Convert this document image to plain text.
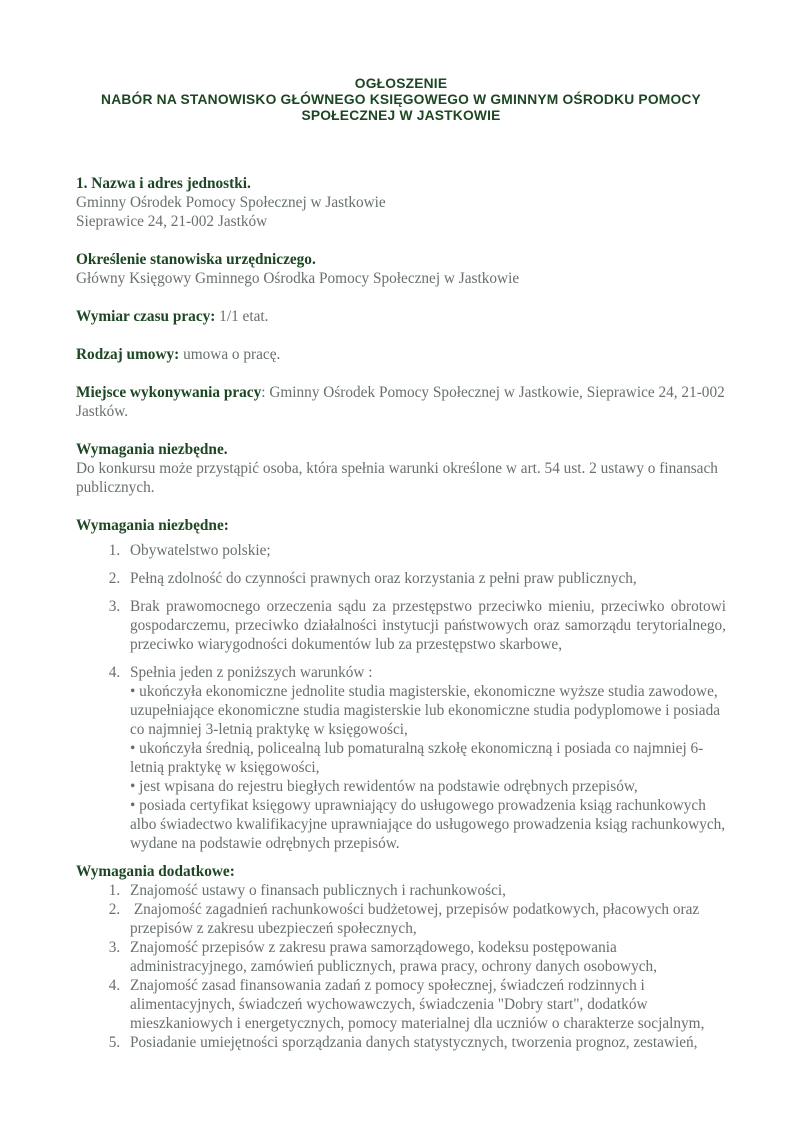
OGŁOSZENIE
NABÓR NA STANOWISKO GŁÓWNEGO KSIĘGOWEGO W GMINNYM OŚRODKU POMOCY
SPOŁECZNEJ W JASTKOWIE
1. Nazwa i adres jednostki.

Gminny Ośrodek Pomocy Społecznej w Jastkowie

Sieprawice 24, 21-002 Jastków

Określenie stanowiska urzędniczego.

Główny Księgowy Gminnego Ośrodka Pomocy Społecznej w Jastkowie

Wymiar czasu pracy: 1/1 etat.

Rodzaj umowy: umowa o pracę.

Miejsce wykonywania pracy: Gminny Ośrodek Pomocy Społecznej w Jastkowie, Sieprawice 24, 21-002 Jastków.

Wymagania niezbędne.

Do konkursu może przystąpić osoba, która spełnia warunki określone w art. 54 ust. 2 ustawy o finansach publicznych.

Wymagania niezbędne:
1. Obywatelstwo polskie;
2. Pełną zdolność do czynności prawnych oraz korzystania z pełni praw publicznych,
3. Brak prawomocnego orzeczenia sądu za przestępstwo przeciwko mieniu, przeciwko obrotowi gospodarczemu, przeciwko działalności instytucji państwowych oraz samorządu terytorialnego, przeciwko wiarygodności dokumentów lub za przestępstwo skarbowe,
4. Spełnia jeden z poniższych warunków :
• ukończyła ekonomiczne jednolite studia magisterskie, ekonomiczne wyższe studia zawodowe, uzupełniające ekonomiczne studia magisterskie lub ekonomiczne studia podyplomowe i posiada co najmniej 3-letnią praktykę w księgowości,
• ukończyła średnią, policealną lub pomaturalną szkołę ekonomiczną i posiada co najmniej 6-letnią praktykę w księgowości,
• jest wpisana do rejestru biegłych rewidentów na podstawie odrębnych przepisów,
• posiada certyfikat księgowy uprawniający do usługowego prowadzenia ksiąg rachunkowych albo świadectwo kwalifikacyjne uprawniające do usługowego prowadzenia ksiąg rachunkowych, wydane na podstawie odrębnych przepisów.
Wymagania dodatkowe:
1. Znajomość ustawy o finansach publicznych i rachunkowości,
2.  Znajomość zagadnień rachunkowości budżetowej, przepisów podatkowych, płacowych oraz przepisów z zakresu ubezpieczeń społecznych,
3. Znajomość przepisów z zakresu prawa samorządowego, kodeksu postępowania administracyjnego, zamówień publicznych, prawa pracy, ochrony danych osobowych,
4. Znajomość zasad finansowania zadań z pomocy społecznej, świadczeń rodzinnych i alimentacyjnych, świadczeń wychowawczych, świadczenia "Dobry start", dodatków mieszkaniowych i energetycznych, pomocy materialnej dla uczniów o charakterze socjalnym,
5. Posiadanie umiejętności sporządzania danych statystycznych, tworzenia prognoz, zestawień,
